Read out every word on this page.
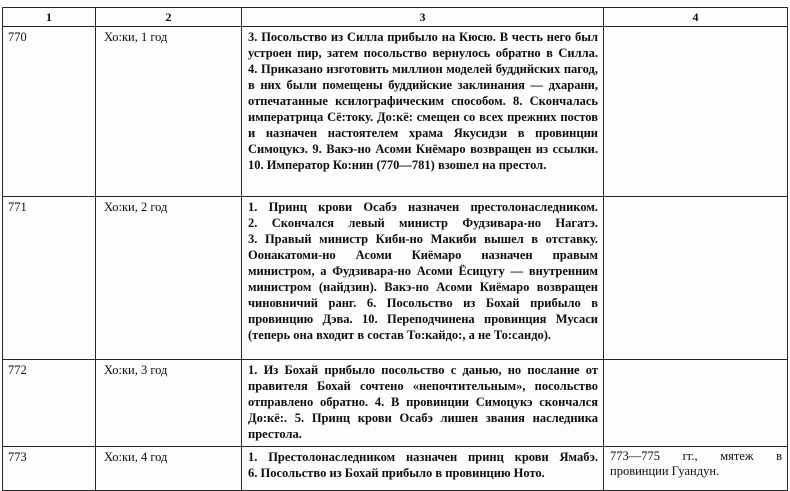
1	2	3	4
770	Хо:ки, 1 год	3. Посольство из Силла прибыло на Кюсю. В честь него был устроен пир, затем посольство вернулось обратно в Силла. 4. Приказано изготовить миллион моделей буддийских пагод, в них были помещены буддийские заклинания — дхарани, отпечатанные ксилографическим способом. 8. Скончалась императрица Сё:току. До:кё: смещен со всех прежних постов и назначен настоятелем храма Якусидзи в провинции Симоцукэ. 9. Вакэ-но Асоми Киёмаро возвращен из ссылки. 10. Император Ко:нин (770—781) взошел на престол.	
771	Хо:ки, 2 год	1. Принц крови Осабэ назначен престолонаследником. 2. Скончался левый министр Фудзивара-но Нагатэ. 3. Правый министр Киби-но Макиби вышел в отставку. Оонакатоми-но Асоми Киёмаро назначен правым министром, а Фудзивара-но Асоми Ёсицугу — внутренним министром (найдзин). Вакэ-но Асоми Киёмаро возвращен чиновничий ранг. 6. Посольство из Бохай прибыло в провинцию Дэва. 10. Переподчинена провинция Мусаси (теперь она входит в состав То:кайдо:, а не То:сандо).	
772	Хо:ки, 3 год	1. Из Бохай прибыло посольство с данью, но послание от правителя Бохай сочтено «непочтительным», посольство отправлено обратно. 4. В провинции Симоцукэ скончался До:кё:. 5. Принц крови Осабэ лишен звания наследника престола.	
773	Хо:ки, 4 год	1. Престолонаследником назначен принц крови Ямабэ. 6. Посольство из Бохай прибыло в провинцию Ното.	773—775 гг., мятеж в провинции Гуандун.
